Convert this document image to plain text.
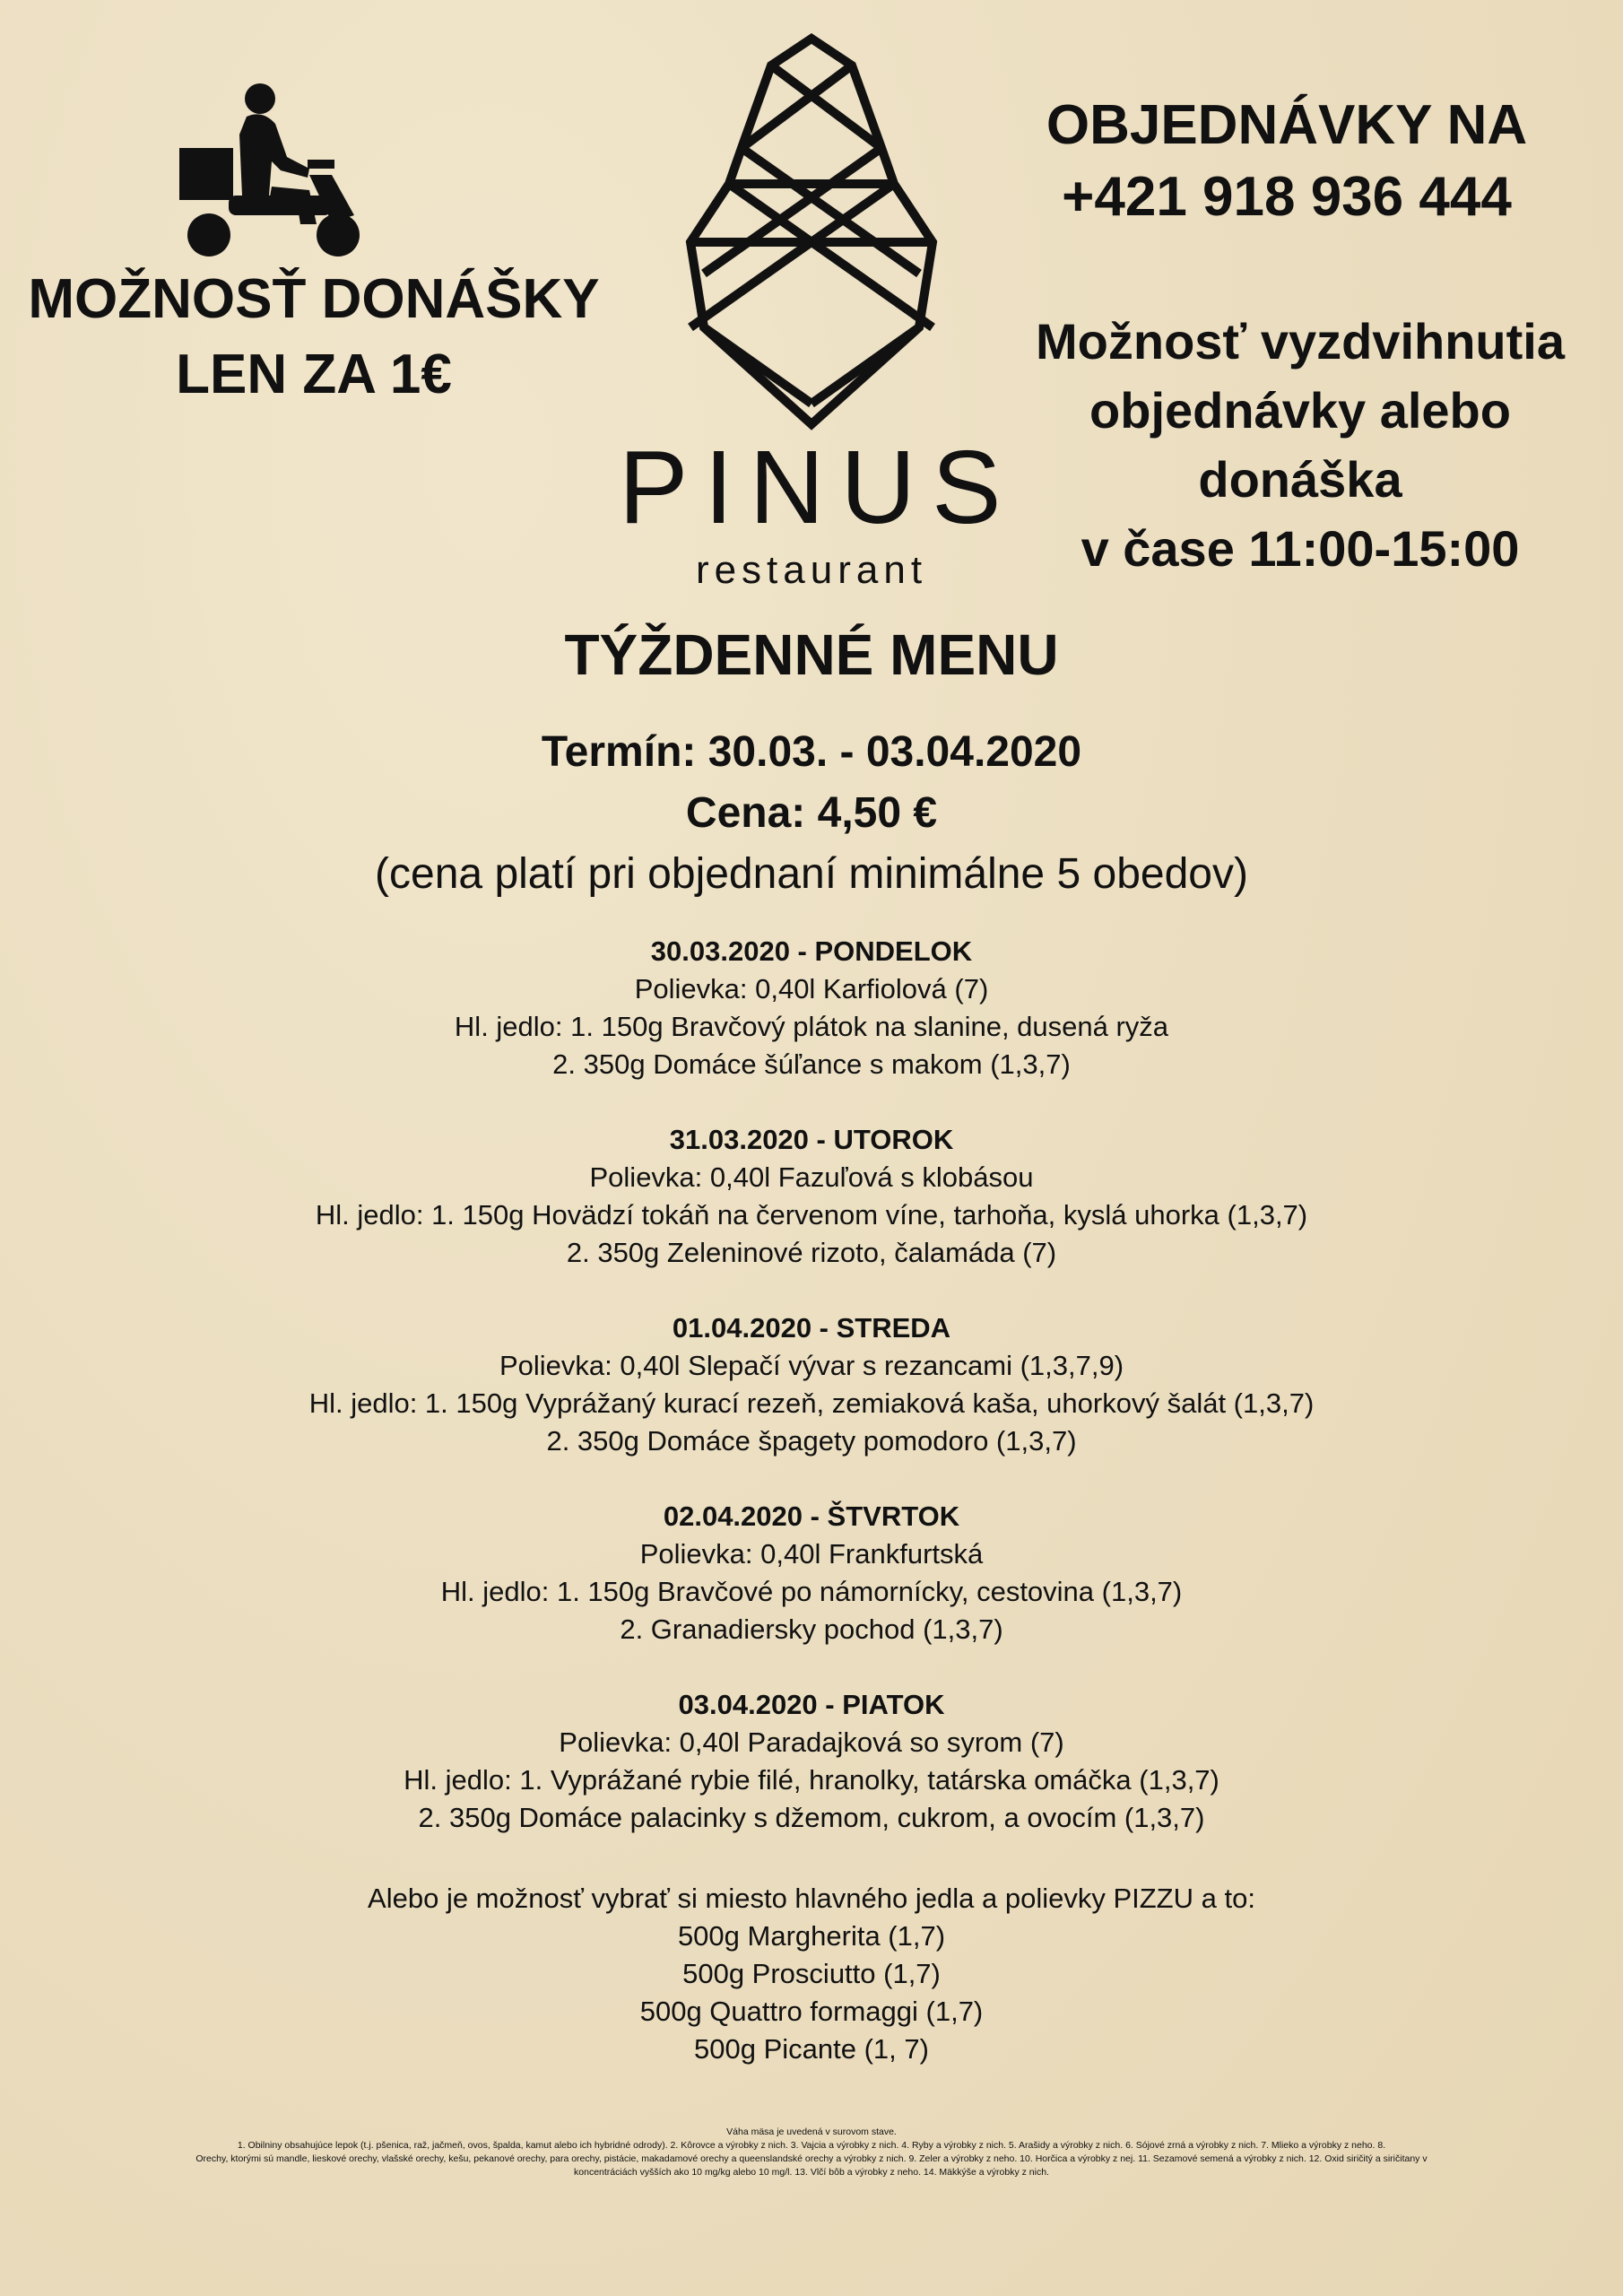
MOŽNOSŤ DONÁŠKY
LEN ZA 1€
PINUS
restaurant
OBJEDNÁVKY NA
+421 918 936 444
Možnosť vyzdvihnutia
objednávky alebo donáška
v čase 11:00-15:00
TÝŽDENNÉ MENU
Termín: 30.03. - 03.04.2020
Cena: 4,50 €
(cena platí pri objednaní minimálne 5 obedov)
30.03.2020 - PONDELOK
Polievka: 0,40l Karfiolová (7)
Hl. jedlo: 1. 150g Bravčový plátok na slanine, dusená ryža
2. 350g Domáce šúľance s makom (1,3,7)
31.03.2020 - UTOROK
Polievka: 0,40l Fazuľová s klobásou
Hl. jedlo: 1. 150g Hovädzí tokáň na červenom víne, tarhoňa, kyslá uhorka (1,3,7)
2. 350g Zeleninové rizoto, čalamáda (7)
01.04.2020 - STREDA
Polievka: 0,40l Slepačí vývar s rezancami (1,3,7,9)
Hl. jedlo: 1. 150g Vyprážaný kurací rezeň, zemiaková kaša, uhorkový šalát (1,3,7)
2. 350g Domáce špagety pomodoro (1,3,7)
02.04.2020 - ŠTVRTOK
Polievka: 0,40l Frankfurtská
Hl. jedlo: 1. 150g Bravčové po námornícky, cestovina (1,3,7)
2. Granadiersky pochod (1,3,7)
03.04.2020 - PIATOK
Polievka: 0,40l Paradajková so syrom (7)
Hl. jedlo: 1. Vyprážané rybie filé, hranolky, tatárska omáčka (1,3,7)
2. 350g Domáce palacinky s džemom, cukrom, a ovocím (1,3,7)
Alebo je možnosť vybrať si miesto hlavného jedla a polievky PIZZU a to:
500g Margherita (1,7)
500g Prosciutto (1,7)
500g Quattro formaggi (1,7)
500g Picante (1, 7)
Váha mäsa je uvedená v surovom stave.
1. Obilniny obsahujúce lepok (t.j. pšenica, raž, jačmeň, ovos, špalda, kamut alebo ich hybridné odrody). 2. Kôrovce a výrobky z nich. 3. Vajcia a výrobky z nich. 4. Ryby a výrobky z nich. 5. Arašidy a výrobky z nich. 6. Sójové zrná a výrobky z nich. 7. Mlieko a výrobky z neho. 8.
Orechy, ktorými sú mandle, lieskové orechy, vlašské orechy, kešu, pekanové orechy, para orechy, pistácie, makadamové orechy a queenslandské orechy a výrobky z nich. 9. Zeler a výrobky z neho. 10. Horčica a výrobky z nej. 11. Sezamové semená a výrobky z nich. 12. Oxid siričitý a siričitany v
koncentráciách vyšších ako 10 mg/kg alebo 10 mg/l. 13. Vlčí bôb a výrobky z neho. 14. Mäkkýše a výrobky z nich.
